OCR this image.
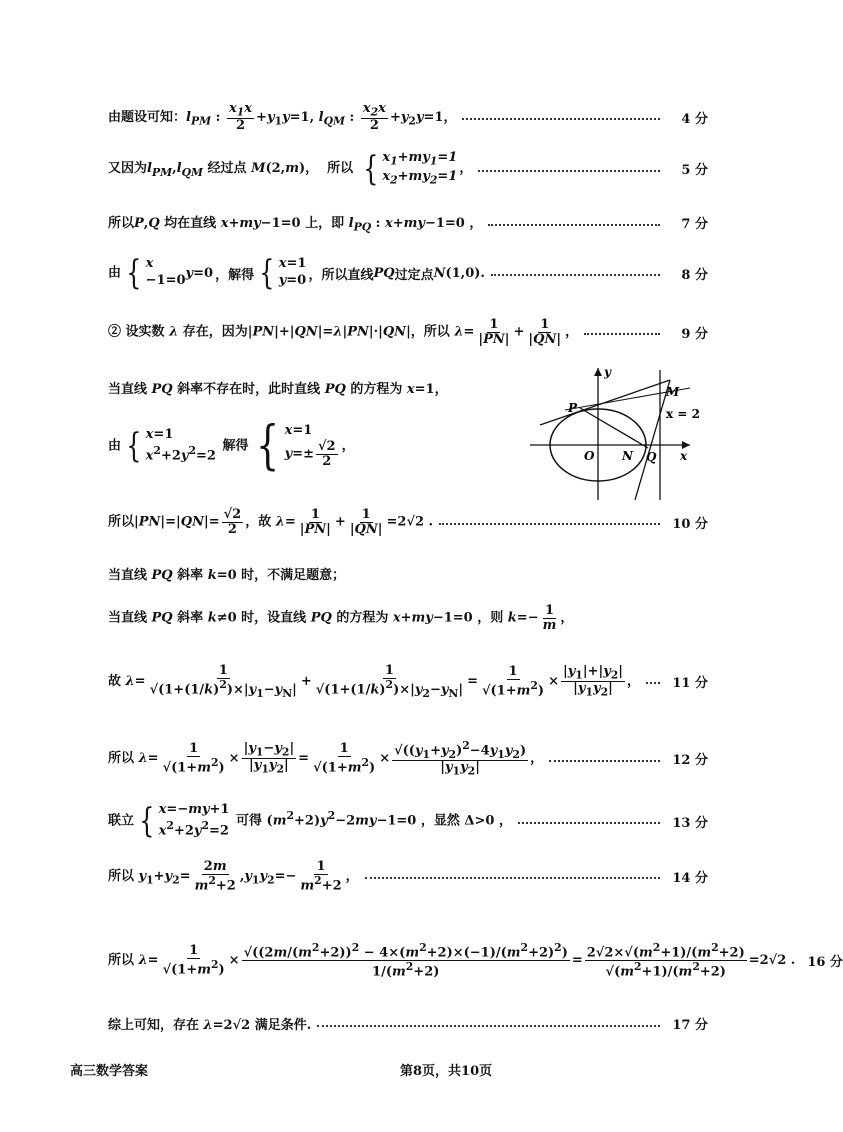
由题设可知：$l_{PM}$ : $\frac{x_1x}{2} +y_1y=1$, $l_{QM}$ : $\frac{x_2x}{2} +y_2y=1$，	4 分
又因为$l_{PM},l_{QM}$ 经过点 M(2,m)，  所以 { $x_1+my_1=1$
$x_2+my_2=1$ ，	5 分
所以P,Q 均在直线 x+my−1=0 上，即 $l_{PQ}$ : x+my−1=0 ，	7 分
由 { x
−1=0 y =0 ，解得 { x=1
y=0 ，所以直线 PQ 过定点 N (1,0).	8 分
② 设实数 λ 存在，因为|PN|+|QN|=λ|PN|·|QN|，所以 $\lambda= \frac{1}{|PN|} + \frac{1}{|QN|}$ ，	9 分
当直线 PQ 斜率不存在时，此时直线 PQ 的方程为 x=1，
由 { x=1
$x^2+2y^2=2$
解得 { x=1
$y=\pm \frac{√2}{2}$ ，
y
x
M
x = 2
P
O N Q
所以$|PN|=|QN|= \frac{√2}{2}$ ，故 $\lambda= \frac{1}{|PN|} + \frac{1}{|QN|} =2√2$ .	10 分
当直线 PQ 斜率 k=0 时，不满足题意；
当直线 PQ 斜率 k≠0 时，设直线 PQ 的方程为 x+my−1=0 ，则 $k=- \frac{1}{m}$ ，
故 $\lambda= \frac{1}{√(1+(1/k)^2)\times|y_1-y_N|} + \frac{1}{√(1+(1/k)^2)\times|y_2-y_N|} = \frac{1}{√(1+m^2)} \times \frac{|y_1|+|y_2|}{|y_1y_2|}$ ，	11 分
所以 $\lambda= \frac{1}{√(1+m^2)} \times \frac{|y_1-y_2|}{|y_1y_2|} = \frac{1}{√(1+m^2)} \times \frac{√((y_1+y_2)^2-4y_1y_2)}{|y_1y_2|}$ ，	12 分
联立 { x=−my+1
$x^2+2y^2=2$
可得 $(m^2+2)y^2-2my-1=0$ ，显然 Δ>0 ，	13 分
所以 $y_1+y_2= \frac{2m}{m^2+2} ,y_1y_2=- \frac{1}{m^2+2}$ ，	14 分
所以 $\lambda= \frac{1}{√(1+m^2)} \times \frac{√((2m/(m^2+2))^2 - 4\times(m^2+2)\times(-1)/(m^2+2)^2)}{1/(m^2+2)} = \frac{2√2\times√(m^2+1)/(m^2+2)}{√(m^2+1)/(m^2+2)} =2√2$ . 16 分
综上可知，存在 λ=2√2 满足条件.	17 分
高三数学答案	第8页，共10页
